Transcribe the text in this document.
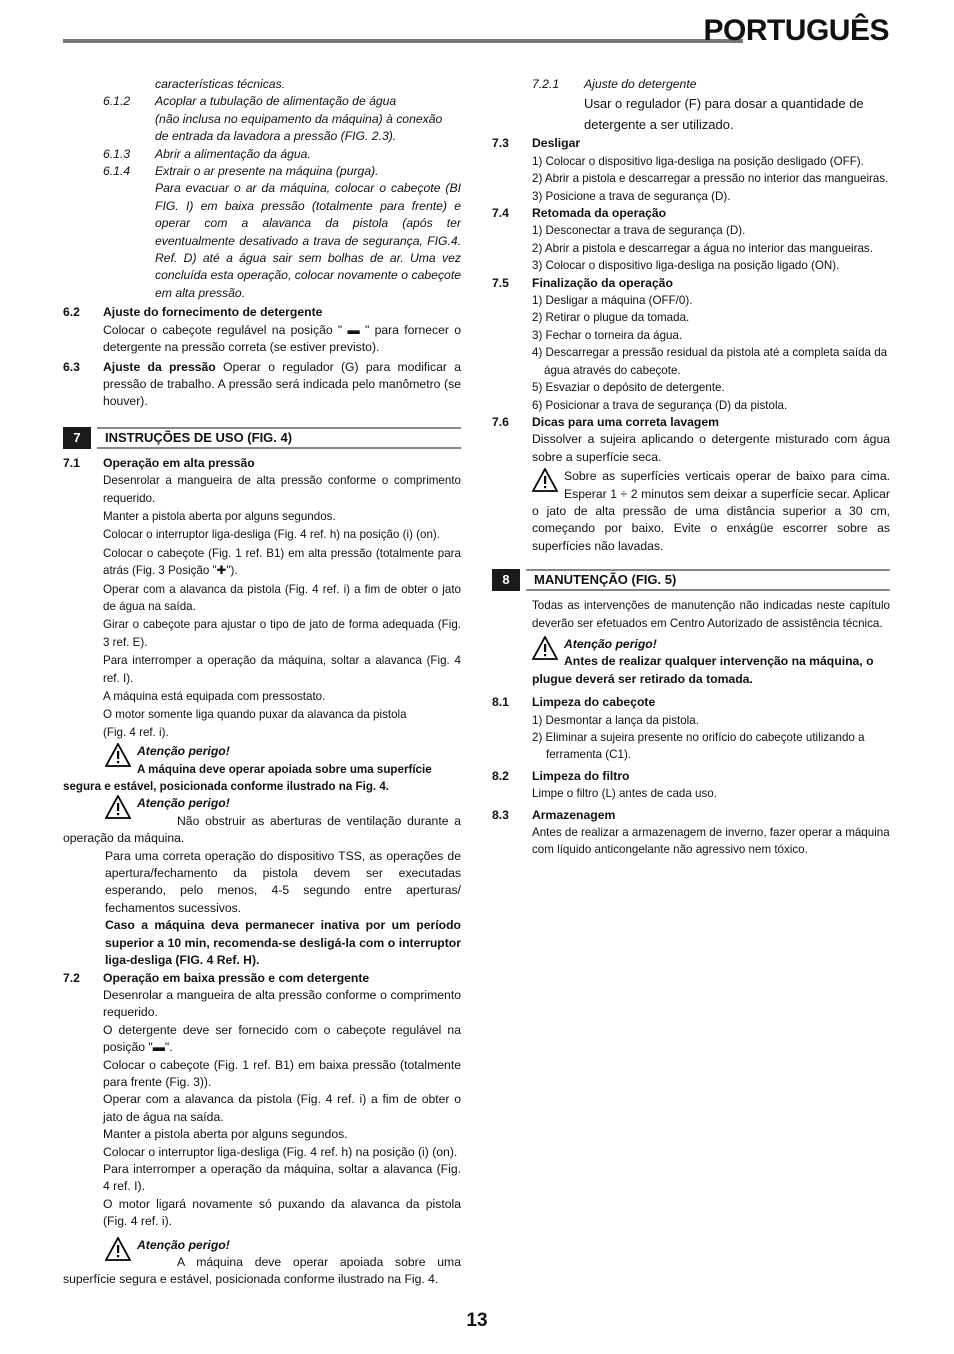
PORTUGUÊS

características técnicas.

6.1.2	Acoplar a tubulação de alimentação de água
(não inclusa no equipamento da máquina) à conexão
de entrada da lavadora a pressão (FIG. 2.3).
6.1.3	Abrir a alimentação da água.
6.1.4	Extrair o ar presente na máquina (purga).
Para evacuar o ar da máquina, colocar o cabeçote (BI FIG. I) em baixa pressão (totalmente para frente) e operar com a alavanca da pistola (após ter eventualmente desativado a trava de segurança, FIG.4. Ref. D) até a água sair sem bolhas de ar. Uma vez concluída esta operação, colocar novamente o cabeçote em alta pressão.
6.2	Ajuste do fornecimento de detergente

Colocar o cabeçote regulável na posição " ▬ " para fornecer o detergente na pressão correta (se estiver previsto).

6.3	Ajuste da pressão Operar o regulador (G) para modificar a pressão de trabalho. A pressão será indicada pelo manômetro (se houver).
7	INSTRUÇÕES DE USO (FIG. 4)
7.1	Operação em alta pressão

Desenrolar a mangueira de alta pressão conforme o comprimento requerido.

Manter a pistola aberta por alguns segundos.

Colocar o interruptor liga-desliga (Fig. 4 ref. h) na posição (i) (on).

Colocar o cabeçote (Fig. 1 ref. B1) em alta pressão (totalmente para atrás (Fig. 3 Posição "✚").

Operar com a alavanca da pistola (Fig. 4 ref. i) a fim de obter o jato de água na saída.

Girar o cabeçote para ajustar o tipo de jato de forma adequada (Fig. 3 ref. E).

Para interromper a operação da máquina, soltar a alavanca (Fig. 4 ref. I).

A máquina está equipada com pressostato.

O motor somente liga quando puxar da alavanca da pistola

(Fig. 4 ref. i).

Atenção perigo!
A máquina deve operar apoiada sobre uma superfície segura e estável, posicionada conforme ilustrado na Fig. 4.
Atenção perigo!
Não obstruir as aberturas de ventilação durante a operação da máquina.

Para uma correta operação do dispositivo TSS, as operações de apertura/fechamento da pistola devem ser executadas esperando, pelo menos, 4-5 segundo entre aperturas/ fechamentos sucessivos.

Caso a máquina deva permanecer inativa por um período superior a 10 min, recomenda-se desligá-la com o interruptor liga-desliga (FIG. 4 Ref. H).

7.2	Operação em baixa pressão e com detergente

Desenrolar a mangueira de alta pressão conforme o comprimento requerido.

O detergente deve ser fornecido com o cabeçote regulável na posição "▬".

Colocar o cabeçote (Fig. 1 ref. B1) em baixa pressão (totalmente para frente (Fig. 3)).

Operar com a alavanca da pistola (Fig. 4 ref. i) a fim de obter o jato de água na saída.

Manter a pistola aberta por alguns segundos.

Colocar o interruptor liga-desliga (Fig. 4 ref. h) na posição (i) (on).

Para interromper a operação da máquina, soltar a alavanca (Fig. 4 ref. I).

O motor ligará novamente só puxando da alavanca da pistola (Fig. 4 ref. i).

Atenção perigo!
A máquina deve operar apoiada sobre uma superfície segura e estável, posicionada conforme ilustrado na Fig. 4.
7.2.1	Ajuste do detergente

Usar o regulador (F) para dosar a quantidade de detergente a ser utilizado.

7.3	Desligar

1) Colocar o dispositivo liga-desliga na posição desligado (OFF).

2) Abrir a pistola e descarregar a pressão no interior das mangueiras.

3) Posicione a trava de segurança (D).

7.4	Retomada da operação

1) Desconectar a trava de segurança (D).

2) Abrir a pistola e descarregar a água no interior das mangueiras.

3) Colocar o dispositivo liga-desliga na posição ligado (ON).

7.5	Finalização da operação

1) Desligar a máquina (OFF/0).

2) Retirar o plugue da tomada.

3) Fechar o torneira da água.

4) Descarregar a pressão residual da pistola até a completa saída da água através do cabeçote.

5) Esvaziar o depósito de detergente.

6) Posicionar a trava de segurança (D) da pistola.

7.6	Dicas para uma correta lavagem

Dissolver a sujeira aplicando o detergente misturado com água sobre a superfície seca.

Sobre as superfícies verticais operar de baixo para cima. Esperar 1 ÷ 2 minutos sem deixar a superfície secar. Aplicar o jato de alta pressão de uma distância superior a 30 cm, começando por baixo. Evite o enxágüe escorrer sobre as superfícies não lavadas.

8	MANUTENÇÃO (FIG. 5)

Todas as intervenções de manutenção não indicadas neste capítulo deverão ser efetuados em Centro Autorizado de assistência técnica.

Atenção perigo!
Antes de realizar qualquer intervenção na máquina, o plugue deverá ser retirado da tomada.
8.1	Limpeza do cabeçote

1) Desmontar a lança da pistola.

2) Eliminar a sujeira presente no orifício do cabeçote utilizando a ferramenta (C1).

8.2	Limpeza do filtro

Limpe o filtro (L) antes de cada uso.

8.3	Armazenagem

Antes de realizar a armazenagem de inverno, fazer operar a máquina com líquido anticongelante não agressivo nem tóxico.

13
